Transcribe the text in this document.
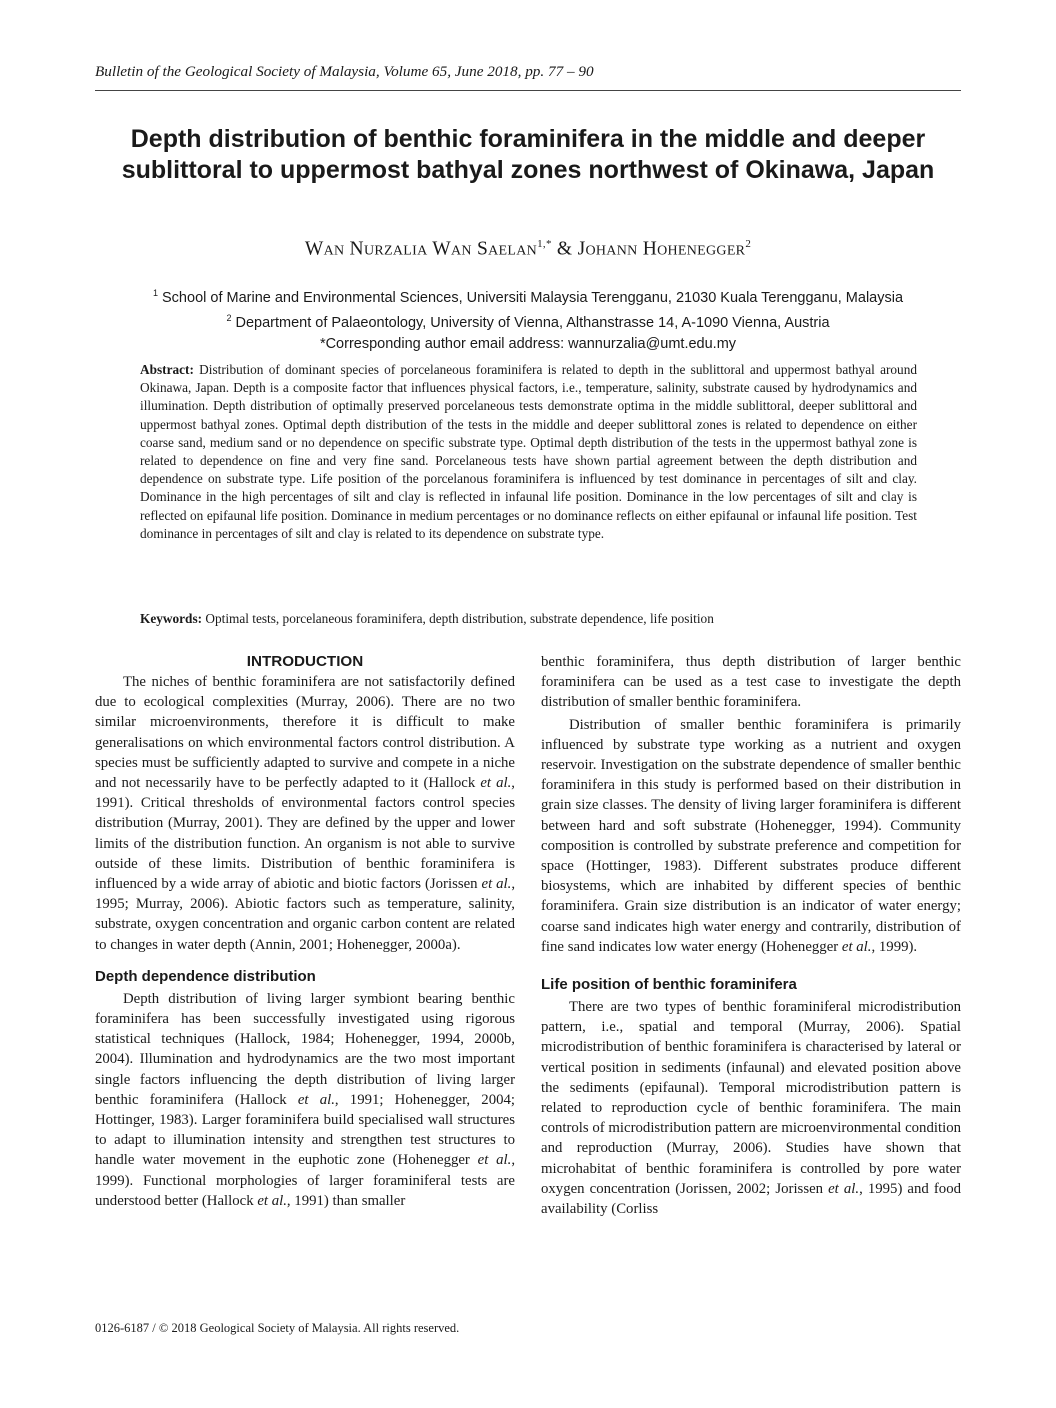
Bulletin of the Geological Society of Malaysia, Volume 65, June 2018, pp. 77 – 90
Depth distribution of benthic foraminifera in the middle and deeper sublittoral to uppermost bathyal zones northwest of Okinawa, Japan
Wan Nurzalia Wan Saelan$^{1,*}$ & Johann Hohenegger$^2$
$^1$ School of Marine and Environmental Sciences, Universiti Malaysia Terengganu, 21030 Kuala Terengganu, Malaysia
$^2$ Department of Palaeontology, University of Vienna, Althanstrasse 14, A-1090 Vienna, Austria
*Corresponding author email address: wannurzalia@umt.edu.my

Abstract: Distribution of dominant species of porcelaneous foraminifera is related to depth in the sublittoral and uppermost bathyal around Okinawa, Japan. Depth is a composite factor that influences physical factors, i.e., temperature, salinity, substrate caused by hydrodynamics and illumination. Depth distribution of optimally preserved porcelaneous tests demonstrate optima in the middle sublittoral, deeper sublittoral and uppermost bathyal zones. Optimal depth distribution of the tests in the middle and deeper sublittoral zones is related to dependence on either coarse sand, medium sand or no dependence on specific substrate type. Optimal depth distribution of the tests in the uppermost bathyal zone is related to dependence on fine and very fine sand. Porcelaneous tests have shown partial agreement between the depth distribution and dependence on substrate type. Life position of the porcelanous foraminifera is influenced by test dominance in percentages of silt and clay. Dominance in the high percentages of silt and clay is reflected in infaunal life position. Dominance in the low percentages of silt and clay is reflected on epifaunal life position. Dominance in medium percentages or no dominance reflects on either epifaunal or infaunal life position. Test dominance in percentages of silt and clay is related to its dependence on substrate type.

Keywords: Optimal tests, porcelaneous foraminifera, depth distribution, substrate dependence, life position

INTRODUCTION

The niches of benthic foraminifera are not satisfactorily defined due to ecological complexities (Murray, 2006). There are no two similar microenvironments, therefore it is difficult to make generalisations on which environmental factors control distribution. A species must be sufficiently adapted to survive and compete in a niche and not necessarily have to be perfectly adapted to it (Hallock et al., 1991). Critical thresholds of environmental factors control species distribution (Murray, 2001). They are defined by the upper and lower limits of the distribution function. An organism is not able to survive outside of these limits. Distribution of benthic foraminifera is influenced by a wide array of abiotic and biotic factors (Jorissen et al., 1995; Murray, 2006). Abiotic factors such as temperature, salinity, substrate, oxygen concentration and organic carbon content are related to changes in water depth (Annin, 2001; Hohenegger, 2000a).

Depth dependence distribution

Depth distribution of living larger symbiont bearing benthic foraminifera has been successfully investigated using rigorous statistical techniques (Hallock, 1984; Hohenegger, 1994, 2000b, 2004). Illumination and hydrodynamics are the two most important single factors influencing the depth distribution of living larger benthic foraminifera (Hallock et al., 1991; Hohenegger, 2004; Hottinger, 1983). Larger foraminifera build specialised wall structures to adapt to illumination intensity and strengthen test structures to handle water movement in the euphotic zone (Hohenegger et al., 1999). Functional morphologies of larger foraminiferal tests are understood better (Hallock et al., 1991) than smaller

benthic foraminifera, thus depth distribution of larger benthic foraminifera can be used as a test case to investigate the depth distribution of smaller benthic foraminifera.

Distribution of smaller benthic foraminifera is primarily influenced by substrate type working as a nutrient and oxygen reservoir. Investigation on the substrate dependence of smaller benthic foraminifera in this study is performed based on their distribution in grain size classes. The density of living larger foraminifera is different between hard and soft substrate (Hohenegger, 1994). Community composition is controlled by substrate preference and competition for space (Hottinger, 1983). Different substrates produce different biosystems, which are inhabited by different species of benthic foraminifera. Grain size distribution is an indicator of water energy; coarse sand indicates high water energy and contrarily, distribution of fine sand indicates low water energy (Hohenegger et al., 1999).

Life position of benthic foraminifera

There are two types of benthic foraminiferal microdistribution pattern, i.e., spatial and temporal (Murray, 2006). Spatial microdistribution of benthic foraminifera is characterised by lateral or vertical position in sediments (infaunal) and elevated position above the sediments (epifaunal). Temporal microdistribution pattern is related to reproduction cycle of benthic foraminifera. The main controls of microdistribution pattern are microenvironmental condition and reproduction (Murray, 2006). Studies have shown that microhabitat of benthic foraminifera is controlled by pore water oxygen concentration (Jorissen, 2002; Jorissen et al., 1995) and food availability (Corliss

0126-6187 / © 2018 Geological Society of Malaysia. All rights reserved.
